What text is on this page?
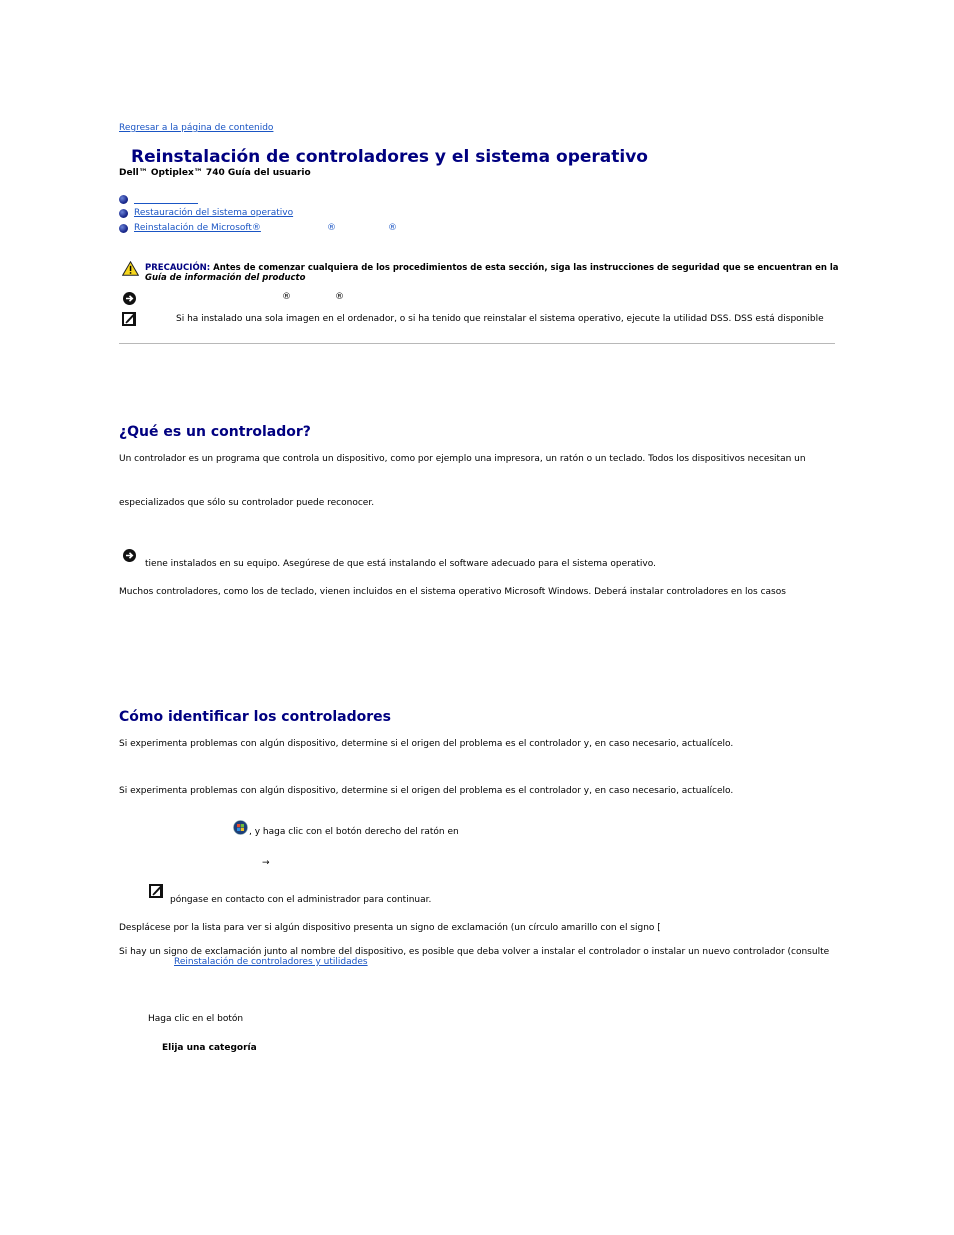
Regresar a la página de contenido
Reinstalación de controladores y el sistema operativo
Dell™ Optiplex™ 740 Guía del usuario
Restauración del sistema operativo
Reinstalación de Microsoft®	®	®
PRECAUCIÓN: Antes de comenzar cualquiera de los procedimientos de esta sección, siga las instrucciones de seguridad que se encuentran en la
Guía de información del producto
®	®
Si ha instalado una sola imagen en el ordenador, o si ha tenido que reinstalar el sistema operativo, ejecute la utilidad DSS. DSS está disponible
¿Qué es un controlador?
Un controlador es un programa que controla un dispositivo, como por ejemplo una impresora, un ratón o un teclado. Todos los dispositivos necesitan un
especializados que sólo su controlador puede reconocer.
tiene instalados en su equipo. Asegúrese de que está instalando el software adecuado para el sistema operativo.
Muchos controladores, como los de teclado, vienen incluidos en el sistema operativo Microsoft Windows. Deberá instalar controladores en los casos
Cómo identificar los controladores
Si experimenta problemas con algún dispositivo, determine si el origen del problema es el controlador y, en caso necesario, actualícelo.
Si experimenta problemas con algún dispositivo, determine si el origen del problema es el controlador y, en caso necesario, actualícelo.
, y haga clic con el botón derecho del ratón en
→
póngase en contacto con el administrador para continuar.
Desplácese por la lista para ver si algún dispositivo presenta un signo de exclamación (un círculo amarillo con el signo [
Si hay un signo de exclamación junto al nombre del dispositivo, es posible que deba volver a instalar el controlador o instalar un nuevo controlador (consulte
Reinstalación de controladores y utilidades
Haga clic en el botón
Elija una categoría
